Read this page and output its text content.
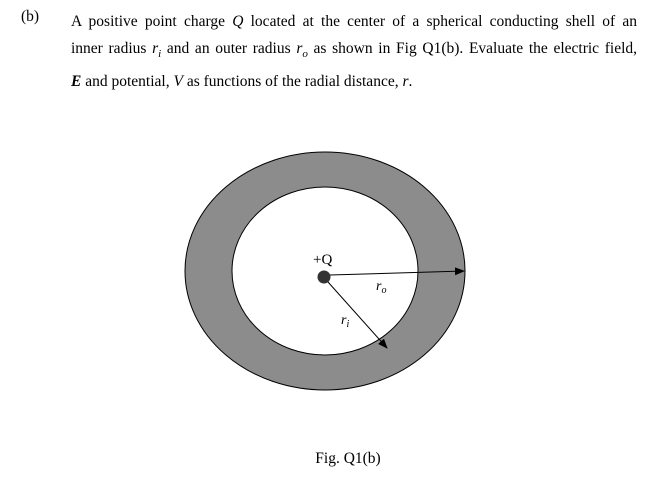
(b) A positive point charge Q located at the center of a spherical conducting shell of an
inner radius $r_i$ and an outer radius $r_o$ as shown in Fig Q1(b). Evaluate the electric field,
E and potential, V as functions of the radial distance, r.
+Q
$r_o$
$r_i$
Fig. Q1(b)
